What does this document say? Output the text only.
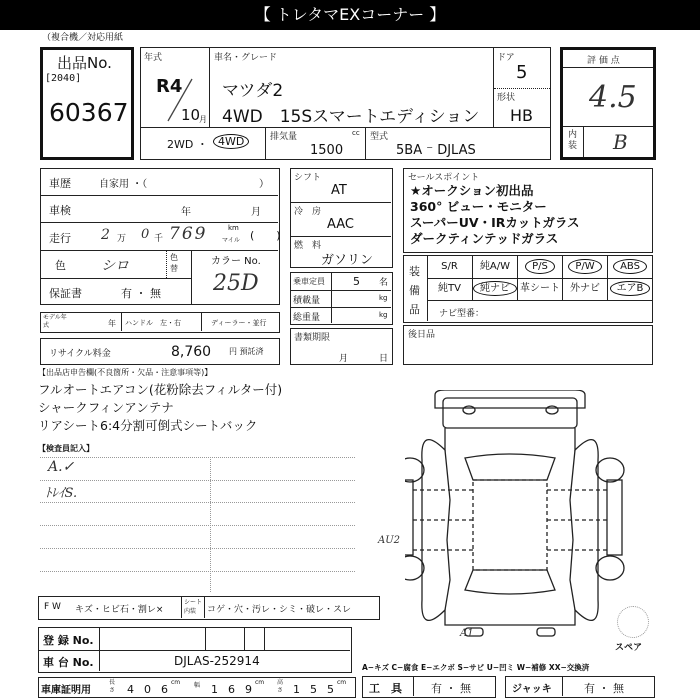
【 トレタマEXコーナー 】
（複合機／対応用紙
出品No.
[2040]
60367
年式
R4
10
月
車名・グレード
マツダ2
4WD　15Sスマートエディション
ドア
5
形状
HB
2WD ・ 4WD	排気量	cc
1500
型式
5BA ⁻ DJLAS
評 価 点
4.5
内装 B
車歴	自家用 ・（	）
車検	年	月
走行 2 万 0 千 769	km
マイル (　　)
色	シロ
色替
カラー No.
25D
保証書	有 ・ 無
モデル年式	年 ハンドル　左・右	ディーラー・並行
リサイクル料金	8,760 円 預託済
シフト
AT
冷　房
AAC
燃　料
ガソリン
乗車定員	5 名
積載量	kg
総重量	kg
書類期限
月	日
セールスポイント
★オークション初出品
360° ビュー・モニター
スーパーUV・IRカットガラス
ダークティンテッドガラス
装備品
S/R	純A/W	P/S	P/W	ABS
純TV	純ナビ	革シート	外ナビ	エアB
ナビ型番：
後日品
【出品店申告欄(不良箇所・欠品・注意事項等)】
フルオートエアコン(花粉除去フィルター付)
シャークフィンアンテナ
リアシート6:4分割可倒式シートバック
【検査員記入】
A.✓
ﾄﾚｲS.
AU2
A1
スペア
F W キズ・ヒビ石・割レ×
シート内装	コゲ・穴・汚レ・シミ・破レ・スレ
登 録 No.
車 台 No.	DJLAS-252914
車庫証明用
長さ 4 0 6
cm 幅 1 6 9
cm 高さ 1 5 5
cm
A−キズ C−腐食 E−エクボ S−サビ U−凹ミ W−補修 XX−交換済
工　具	有 ・ 無	ジャッキ	有 ・ 無
